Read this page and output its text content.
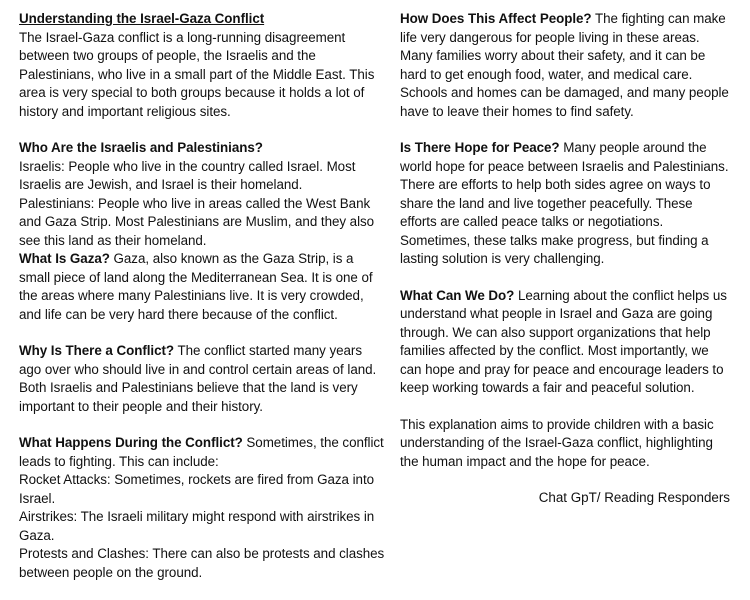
Understanding the Israel-Gaza Conflict
The Israel-Gaza conflict is a long-running disagreement between two groups of people, the Israelis and the Palestinians, who live in a small part of the Middle East. This area is very special to both groups because it holds a lot of history and important religious sites.

Who Are the Israelis and Palestinians?
Israelis: People who live in the country called Israel. Most Israelis are Jewish, and Israel is their homeland.
Palestinians: People who live in areas called the West Bank and Gaza Strip. Most Palestinians are Muslim, and they also see this land as their homeland.
What Is Gaza? Gaza, also known as the Gaza Strip, is a small piece of land along the Mediterranean Sea. It is one of the areas where many Palestinians live. It is very crowded, and life can be very hard there because of the conflict.

Why Is There a Conflict? The conflict started many years ago over who should live in and control certain areas of land. Both Israelis and Palestinians believe that the land is very important to their people and their history.

What Happens During the Conflict? Sometimes, the conflict leads to fighting. This can include:
Rocket Attacks: Sometimes, rockets are fired from Gaza into Israel.
Airstrikes: The Israeli military might respond with airstrikes in Gaza.
Protests and Clashes: There can also be protests and clashes between people on the ground.

How Does This Affect People? The fighting can make life very dangerous for people living in these areas. Many families worry about their safety, and it can be hard to get enough food, water, and medical care. Schools and homes can be damaged, and many people have to leave their homes to find safety.

Is There Hope for Peace? Many people around the world hope for peace between Israelis and Palestinians. There are efforts to help both sides agree on ways to share the land and live together peacefully. These efforts are called peace talks or negotiations. Sometimes, these talks make progress, but finding a lasting solution is very challenging.

What Can We Do? Learning about the conflict helps us understand what people in Israel and Gaza are going through. We can also support organizations that help families affected by the conflict. Most importantly, we can hope and pray for peace and encourage leaders to keep working towards a fair and peaceful solution.

This explanation aims to provide children with a basic understanding of the Israel-Gaza conflict, highlighting the human impact and the hope for peace.

Chat GpT/ Reading Responders
